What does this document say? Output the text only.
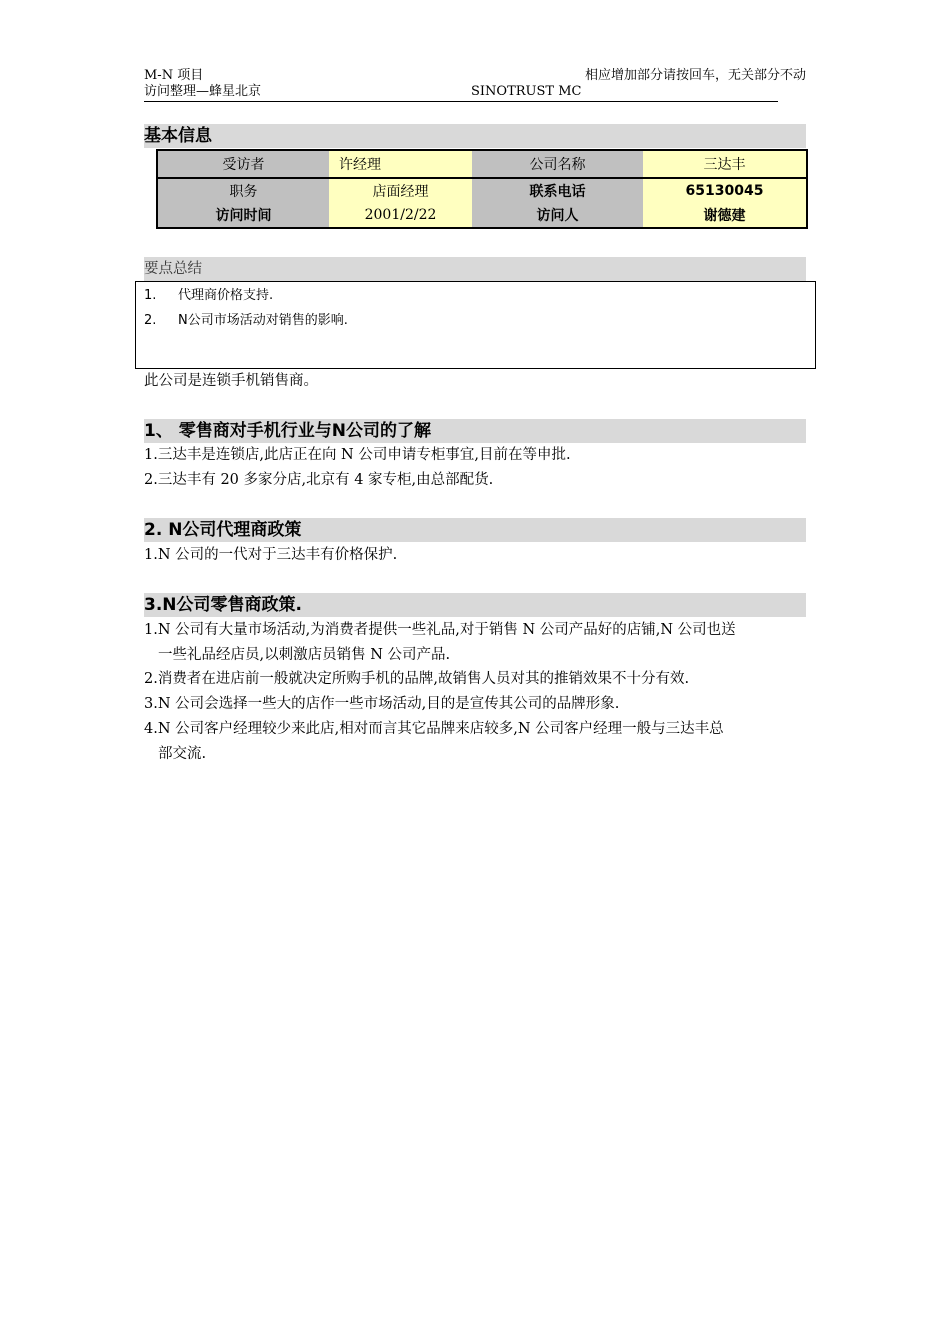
M-N 项目
访问整理—蜂星北京	SINOTRUST MC
相应增加部分请按回车，无关部分不动
基本信息
受访者	许经理	公司名称	三达丰
职务	店面经理	联系电话	65130045
访问时间	2001/2/22	访问人	谢德建
要点总结
1. 代理商价格支持.
2. N公司市场活动对销售的影响.
此公司是连锁手机销售商。
1、 零售商对手机行业与N公司的了解
1.三达丰是连锁店,此店正在向 N 公司申请专柜事宜,目前在等申批.
2.三达丰有 20 多家分店,北京有 4 家专柜,由总部配货.
2. N公司代理商政策
1.N 公司的一代对于三达丰有价格保护.
3.N公司零售商政策.
1.N 公司有大量市场活动,为消费者提供一些礼品,对于销售 N 公司产品好的店铺,N 公司也送
一些礼品经店员,以刺激店员销售 N 公司产品.
2.消费者在进店前一般就决定所购手机的品牌,故销售人员对其的推销效果不十分有效.
3.N 公司会选择一些大的店作一些市场活动,目的是宣传其公司的品牌形象.
4.N 公司客户经理较少来此店,相对而言其它品牌来店较多,N 公司客户经理一般与三达丰总
部交流.
